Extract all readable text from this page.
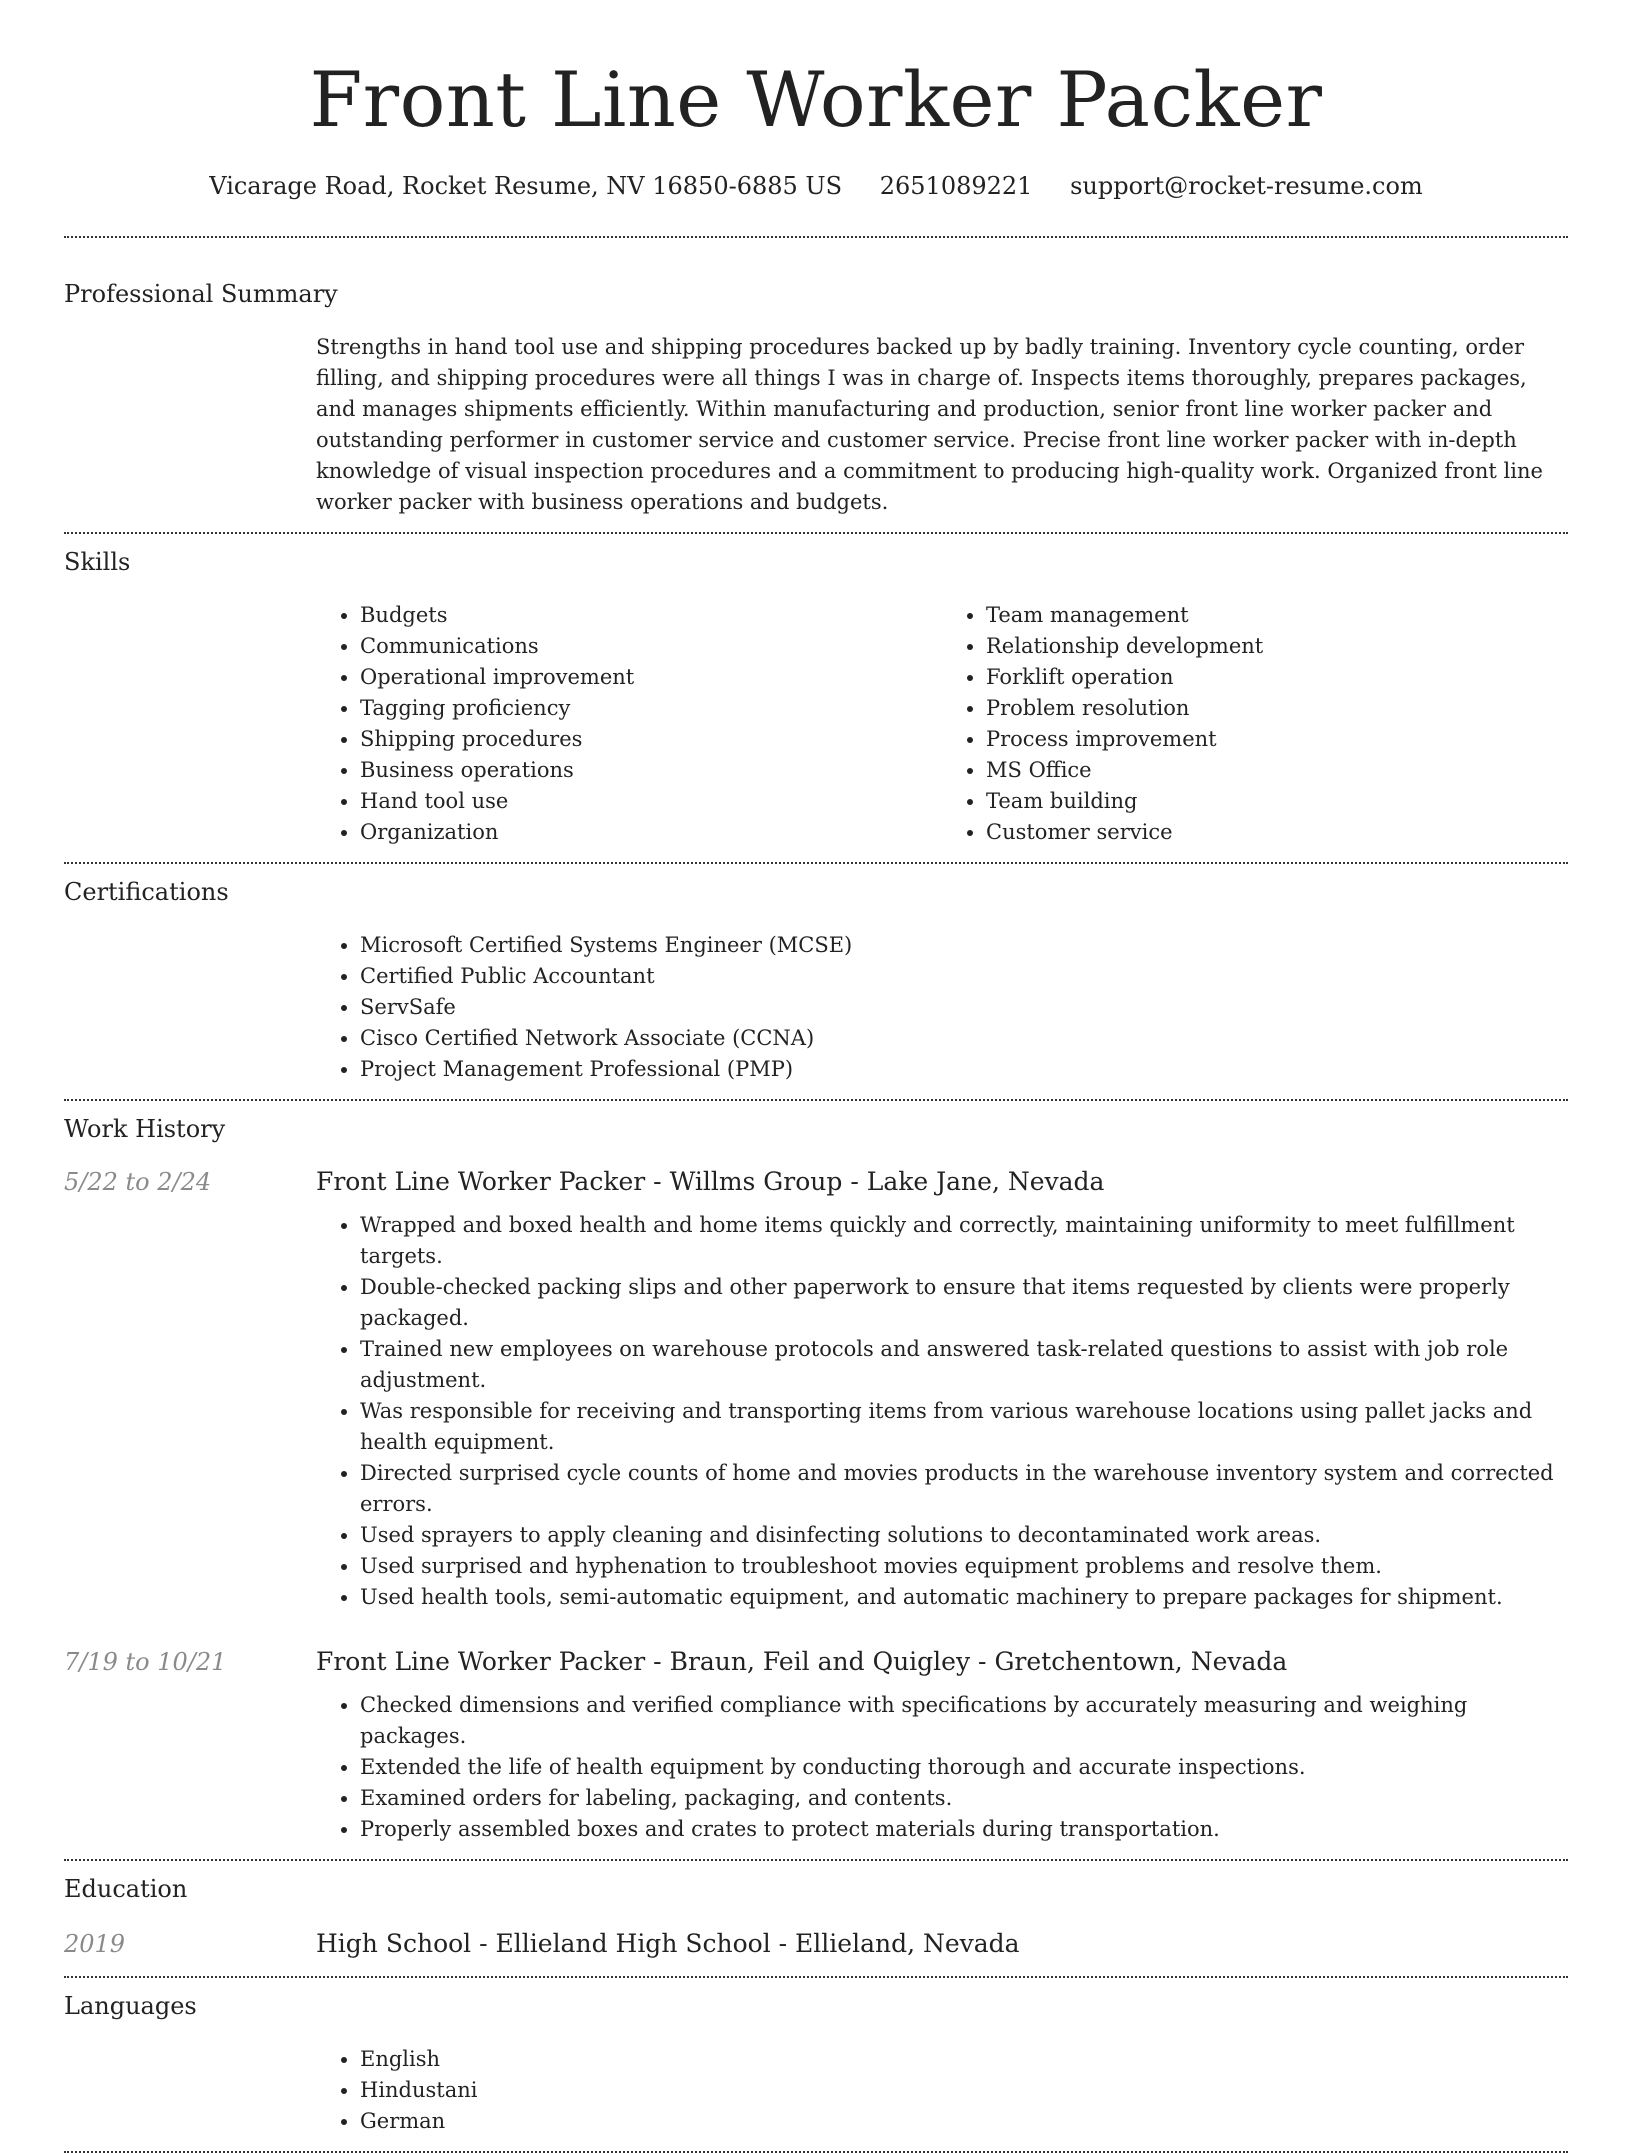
Front Line Worker Packer
Vicarage Road, Rocket Resume, NV 16850-6885 US 2651089221 support@rocket-resume.com
Professional Summary

Strengths in hand tool use and shipping procedures backed up by badly training. Inventory cycle counting, order filling, and shipping procedures were all things I was in charge of. Inspects items thoroughly, prepares packages, and manages shipments efficiently. Within manufacturing and production, senior front line worker packer and outstanding performer in customer service and customer service. Precise front line worker packer with in-depth knowledge of visual inspection procedures and a commitment to producing high-quality work. Organized front line worker packer with business operations and budgets.

Skills
• Budgets
• Communications
• Operational improvement
• Tagging proficiency
• Shipping procedures
• Business operations
• Hand tool use
• Organization
• Team management
• Relationship development
• Forklift operation
• Problem resolution
• Process improvement
• MS Office
• Team building
• Customer service
Certifications
• Microsoft Certified Systems Engineer (MCSE)
• Certified Public Accountant
• ServSafe
• Cisco Certified Network Associate (CCNA)
• Project Management Professional (PMP)
Work History
5/22 to 2/24	Front Line Worker Packer - Willms Group - Lake Jane, Nevada
• Wrapped and boxed health and home items quickly and correctly, maintaining uniformity to meet fulfillment targets.
• Double-checked packing slips and other paperwork to ensure that items requested by clients were properly packaged.
• Trained new employees on warehouse protocols and answered task-related questions to assist with job role adjustment.
• Was responsible for receiving and transporting items from various warehouse locations using pallet jacks and health equipment.
• Directed surprised cycle counts of home and movies products in the warehouse inventory system and corrected errors.
• Used sprayers to apply cleaning and disinfecting solutions to decontaminated work areas.
• Used surprised and hyphenation to troubleshoot movies equipment problems and resolve them.
• Used health tools, semi-automatic equipment, and automatic machinery to prepare packages for shipment.
7/19 to 10/21	Front Line Worker Packer - Braun, Feil and Quigley - Gretchentown, Nevada
• Checked dimensions and verified compliance with specifications by accurately measuring and weighing packages.
• Extended the life of health equipment by conducting thorough and accurate inspections.
• Examined orders for labeling, packaging, and contents.
• Properly assembled boxes and crates to protect materials during transportation.
Education
2019	High School - Ellieland High School - Ellieland, Nevada
Languages
• English
• Hindustani
• German
